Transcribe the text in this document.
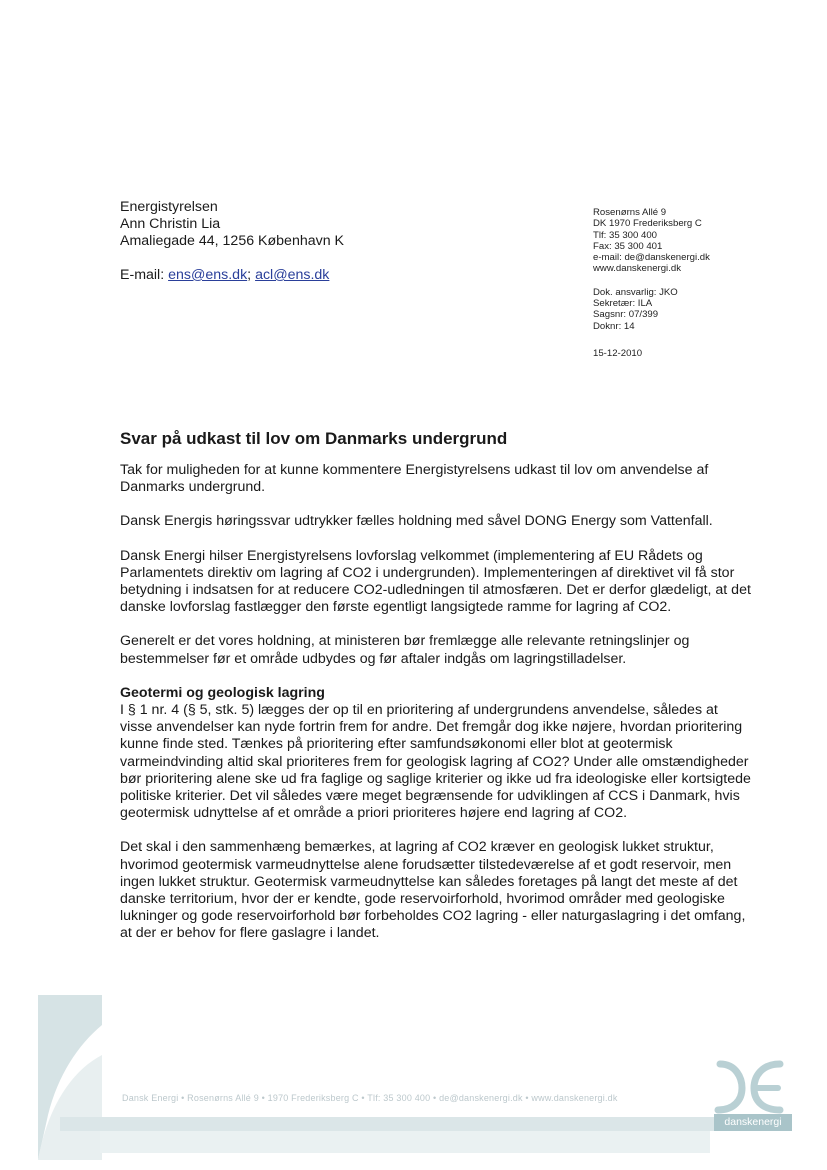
Energistyrelsen
Ann Christin Lia
Amaliegade 44, 1256 København K
E-mail: ens@ens.dk; acl@ens.dk
Rosenørns Allé 9
DK 1970 Frederiksberg C
Tlf: 35 300 400
Fax: 35 300 401
e-mail: de@danskenergi.dk
www.danskenergi.dk
Dok. ansvarlig: JKO
Sekretær: ILA
Sagsnr: 07/399
Doknr: 14
15-12-2010
Svar på udkast til lov om Danmarks undergrund

Tak for muligheden for at kunne kommentere Energistyrelsens udkast til lov om anvendelse af Danmarks undergrund.

Dansk Energis høringssvar udtrykker fælles holdning med såvel DONG Energy som Vattenfall.

Dansk Energi hilser Energistyrelsens lovforslag velkommet (implementering af EU Rådets og Parlamentets direktiv om lagring af CO2 i undergrunden). Implementeringen af direktivet vil få stor betydning i indsatsen for at reducere CO2-udledningen til atmosfæren. Det er derfor glædeligt, at det danske lovforslag fastlægger den første egentligt langsigtede ramme for lagring af CO2.

Generelt er det vores holdning, at ministeren bør fremlægge alle relevante retningslinjer og bestemmelser før et område udbydes og før aftaler indgås om lagringstilladelser.

Geotermi og geologisk lagring

I § 1 nr. 4 (§ 5, stk. 5) lægges der op til en prioritering af undergrundens anvendelse, således at visse anvendelser kan nyde fortrin frem for andre. Det fremgår dog ikke nøjere, hvordan prioritering kunne finde sted. Tænkes på prioritering efter samfundsøkonomi eller blot at geotermisk varmeindvinding altid skal prioriteres frem for geologisk lagring af CO2? Under alle omstændigheder bør prioritering alene ske ud fra faglige og saglige kriterier og ikke ud fra ideologiske eller kortsigtede politiske kriterier. Det vil således være meget begrænsende for udviklingen af CCS i Danmark, hvis geotermisk udnyttelse af et område a priori prioriteres højere end lagring af CO2.

Det skal i den sammenhæng bemærkes, at lagring af CO2 kræver en geologisk lukket struktur, hvorimod geotermisk varmeudnyttelse alene forudsætter tilstedeværelse af et godt reservoir, men ingen lukket struktur. Geotermisk varmeudnyttelse kan således foretages på langt det meste af det danske territorium, hvor der er kendte, gode reservoirforhold, hvorimod områder med geologiske lukninger og gode reservoirforhold bør forbeholdes CO2 lagring - eller naturgaslagring i det omfang, at der er behov for flere gaslagre i landet.

Dansk Energi • Rosenørns Allé 9 • 1970 Frederiksberg C • Tlf: 35 300 400 • de@danskenergi.dk • www.danskenergi.dk
danskenergi
